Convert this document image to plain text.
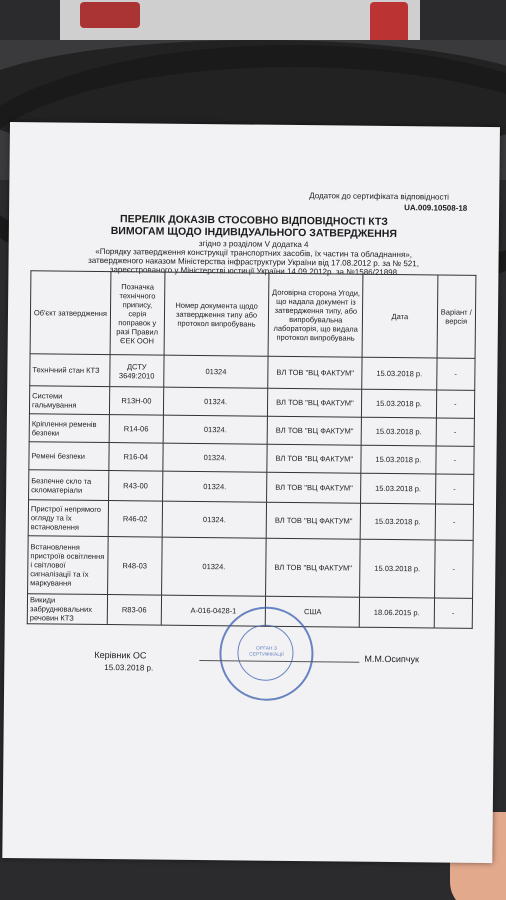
Додаток до сертифіката відповідності
UA.009.10508-18
ПЕРЕЛІК ДОКАЗІВ СТОСОВНО ВІДПОВІДНОСТІ КТЗ
ВИМОГАМ ЩОДО ІНДИВІДУАЛЬНОГО ЗАТВЕРДЖЕННЯ
згідно з розділом V додатка 4
«Порядку затвердження конструкції транспортних засобів, їх частин та обладнання»,
затвердженого наказом Міністерства інфраструктури України від 17.08.2012 р. за № 521,
зареєстрованого у Міністерстві юстиції України 14.09.2012р. за №1586/21898
Об'єкт затвердження	Позначка технічного припису, серія поправок у разі Правил ЄЕК ООН	Номер документа щодо затвердження типу або протокол випробувань	Договірна сторона Угоди, що надала документ із затвердження типу, або випробувальна лабораторія, що видала протокол випробувань	Дата	Варіант / версія
Технічний стан КТЗ	ДСТУ 3649:2010	01324	ВЛ ТОВ "ВЦ ФАКТУМ"	15.03.2018 р.	-
Системи гальмування	R13H-00	01324.	ВЛ ТОВ "ВЦ ФАКТУМ"	15.03.2018 р.	-
Кріплення ременів безпеки	R14-06	01324.	ВЛ ТОВ "ВЦ ФАКТУМ"	15.03.2018 р.	-
Ремені безпеки	R16-04	01324.	ВЛ ТОВ "ВЦ ФАКТУМ"	15.03.2018 р.	-
Безпечне скло та скломатеріали	R43-00	01324.	ВЛ ТОВ "ВЦ ФАКТУМ"	15.03.2018 р.	-
Пристрої непрямого огляду та їх встановлення	R46-02	01324.	ВЛ ТОВ "ВЦ ФАКТУМ"	15.03.2018 р.	-
Встановлення пристроїв освітлення і світлової сигналізації та їх маркування	R48-03	01324.	ВЛ ТОВ "ВЦ ФАКТУМ"	15.03.2018 р.	-
Викиди забруднювальних речовин КТЗ	R83-06	А-016-0428-1	США	18.06.2015 р.	-
ОРГАН З СЕРТИФІКАЦІЇ
Керівник ОС
15.03.2018 р.
М.М.Осипчук
